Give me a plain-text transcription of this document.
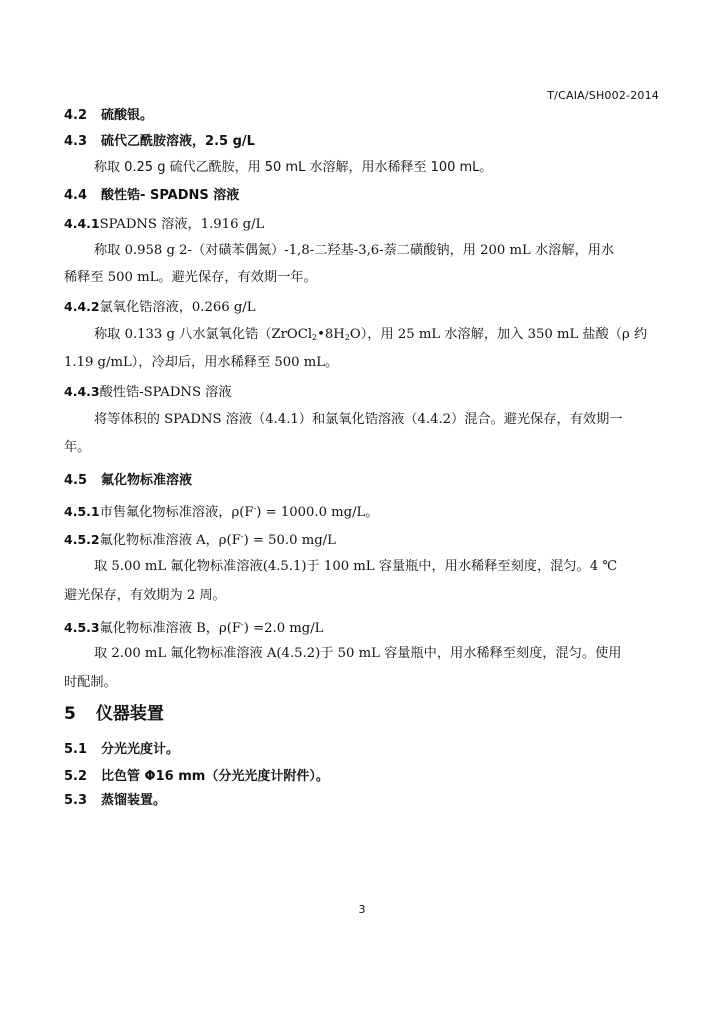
T/CAIA/SH002-2014
4.2 硫酸银。
4.3 硫代乙酰胺溶液，2.5 g/L
称取 0.25 g 硫代乙酰胺，用 50 mL 水溶解，用水稀释至 100 mL。
4.4 酸性锆- SPADNS 溶液
4.4.1SPADNS 溶液，1.916 g/L
称取 0.958 g 2-（对磺苯偶氮）-1,8-二羟基-3,6-萘二磺酸钠，用 200 mL 水溶解，用水
稀释至 500 mL。避光保存，有效期一年。
4.4.2氯氧化锆溶液，0.266 g/L
称取 0.133 g 八水氯氧化锆$(ZrOCl_2•8H_2O)$，用 25 mL 水溶解，加入 350 mL 盐酸（ρ 约
1.19 g/mL），冷却后，用水稀释至 500 mL。
4.4.3酸性锆-SPADNS 溶液
将等体积的 SPADNS 溶液（4.4.1）和氯氧化锆溶液（4.4.2）混合。避光保存，有效期一
年。
4.5 氟化物标准溶液
4.5.1市售氟化物标准溶液，ρ(F-) = 1000.0 mg/L。
4.5.2氟化物标准溶液 A，ρ(F-) = 50.0 mg/L
取 5.00 mL 氟化物标准溶液(4.5.1)于 100 mL 容量瓶中，用水稀释至刻度，混匀。4 ℃
避光保存，有效期为 2 周。
4.5.3氟化物标准溶液 B，ρ(F-) =2.0 mg/L
取 2.00 mL 氟化物标准溶液 A(4.5.2)于 50 mL 容量瓶中，用水稀释至刻度，混匀。使用
时配制。
5 仪器装置
5.1 分光光度计。
5.2 比色管 Φ16 mm（分光光度计附件）。
5.3 蒸馏装置。
3
